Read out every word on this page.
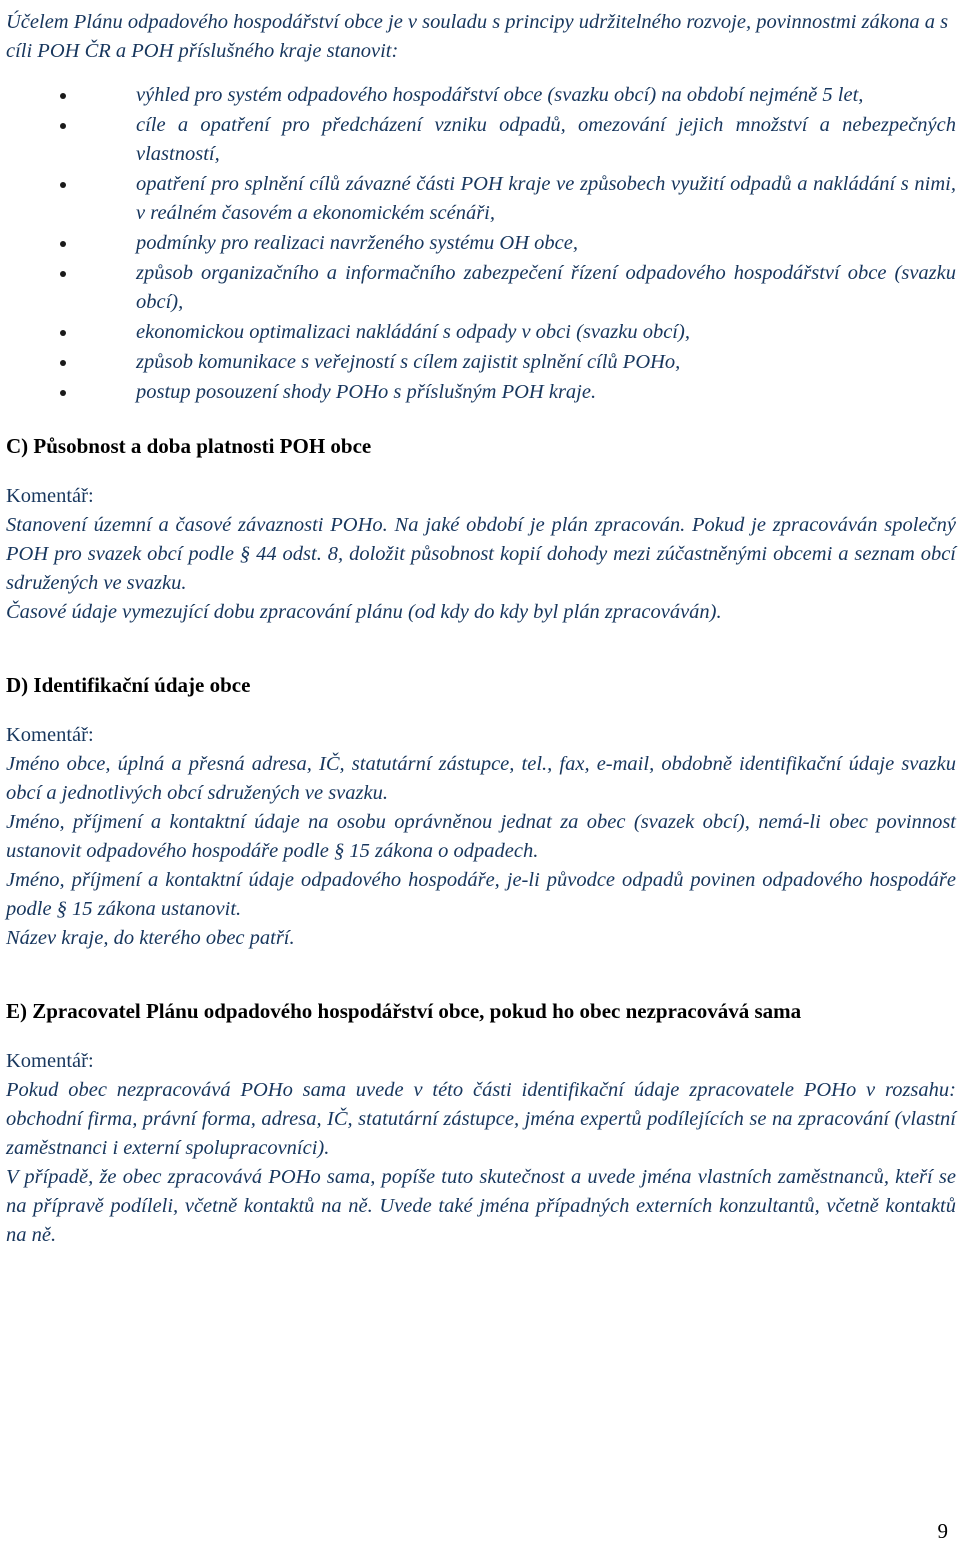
Účelem Plánu odpadového hospodářství obce je v souladu s principy udržitelného rozvoje, povinnostmi zákona a s cíli POH ČR a POH příslušného kraje stanovit:

výhled pro systém odpadového hospodářství obce (svazku obcí) na období nejméně 5 let,
cíle a opatření pro předcházení vzniku odpadů, omezování jejich množství a nebezpečných vlastností,
opatření pro splnění cílů závazné části POH kraje ve způsobech využití odpadů a nakládání s nimi, v reálném časovém a ekonomickém scénáři,
podmínky pro realizaci navrženého systému OH obce,
způsob organizačního a informačního zabezpečení řízení odpadového hospodářství obce (svazku obcí),
ekonomickou optimalizaci nakládání s odpady v obci (svazku obcí),
způsob komunikace s veřejností s cílem zajistit splnění cílů POHo,
postup posouzení shody POHo s příslušným POH kraje.
C) Působnost a doba platnosti POH obce

Komentář:

Stanovení územní a časové závaznosti POHo. Na jaké období je plán zpracován. Pokud je zpracováván společný POH pro svazek obcí podle § 44 odst. 8, doložit působnost kopií dohody mezi zúčastněnými obcemi a seznam obcí sdružených ve svazku.

Časové údaje vymezující dobu zpracování plánu (od kdy do kdy byl plán zpracováván).

D) Identifikační údaje obce

Komentář:

Jméno obce, úplná a přesná adresa, IČ, statutární zástupce, tel., fax, e-mail, obdobně identifikační údaje svazku obcí a jednotlivých obcí sdružených ve svazku.

Jméno, příjmení a kontaktní údaje na osobu oprávněnou jednat za obec (svazek obcí), nemá-li obec povinnost ustanovit odpadového hospodáře podle § 15 zákona o odpadech.

Jméno, příjmení a kontaktní údaje odpadového hospodáře, je-li původce odpadů povinen odpadového hospodáře podle § 15 zákona ustanovit.

Název kraje, do kterého obec patří.

E) Zpracovatel Plánu odpadového hospodářství obce, pokud ho obec nezpracovává sama

Komentář:

Pokud obec nezpracovává POHo sama uvede v této části identifikační údaje zpracovatele POHo v rozsahu: obchodní firma, právní forma, adresa, IČ, statutární zástupce, jména expertů podílejících se na zpracování (vlastní zaměstnanci i externí spolupracovníci).

V případě, že obec zpracovává POHo sama, popíše tuto skutečnost a uvede jména vlastních zaměstnanců, kteří se na přípravě podíleli, včetně kontaktů na ně. Uvede také jména případných externích konzultantů, včetně kontaktů na ně.

9
